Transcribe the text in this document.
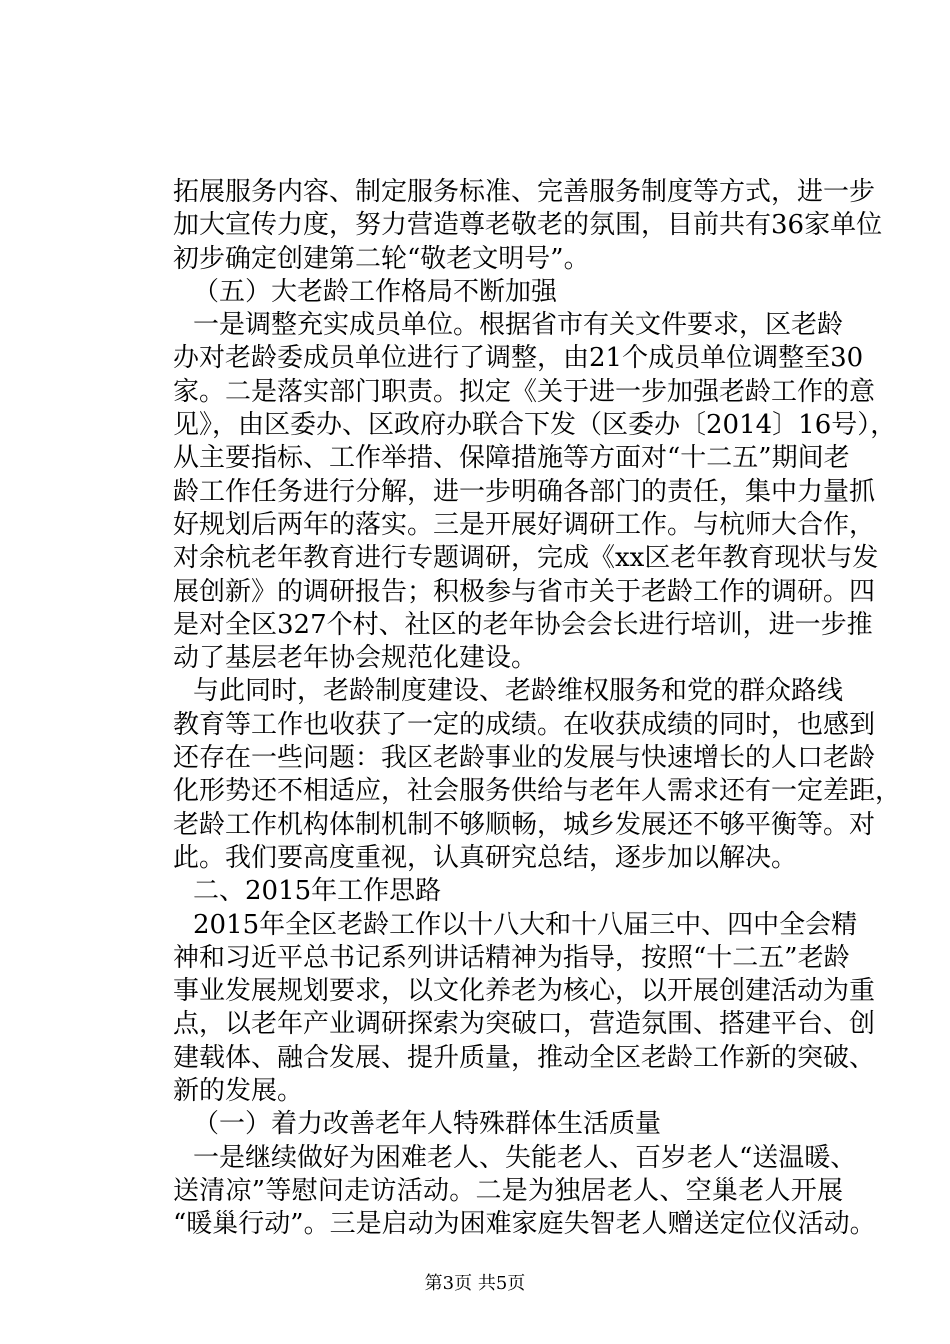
拓展服务内容、制定服务标准、完善服务制度等方式，进一步
加大宣传力度，努力营造尊老敬老的氛围，目前共有36家单位
初步确定创建第二轮“敬老文明号”。
（五）大老龄工作格局不断加强
一是调整充实成员单位。根据省市有关文件要求，区老龄
办对老龄委成员单位进行了调整，由21个成员单位调整至30
家。二是落实部门职责。拟定《关于进一步加强老龄工作的意
见》，由区委办、区政府办联合下发（区委办〔2014〕16号），
从主要指标、工作举措、保障措施等方面对“十二五”期间老
龄工作任务进行分解，进一步明确各部门的责任，集中力量抓
好规划后两年的落实。三是开展好调研工作。与杭师大合作，
对余杭老年教育进行专题调研，完成《xx区老年教育现状与发
展创新》的调研报告；积极参与省市关于老龄工作的调研。四
是对全区327个村、社区的老年协会会长进行培训，进一步推
动了基层老年协会规范化建设。
与此同时，老龄制度建设、老龄维权服务和党的群众路线
教育等工作也收获了一定的成绩。在收获成绩的同时，也感到
还存在一些问题：我区老龄事业的发展与快速增长的人口老龄
化形势还不相适应，社会服务供给与老年人需求还有一定差距，
老龄工作机构体制机制不够顺畅，城乡发展还不够平衡等。对
此。我们要高度重视，认真研究总结，逐步加以解决。
二、2015年工作思路
2015年全区老龄工作以十八大和十八届三中、四中全会精
神和习近平总书记系列讲话精神为指导，按照“十二五”老龄
事业发展规划要求，以文化养老为核心，以开展创建活动为重
点，以老年产业调研探索为突破口，营造氛围、搭建平台、创
建载体、融合发展、提升质量，推动全区老龄工作新的突破、
新的发展。
（一）着力改善老年人特殊群体生活质量
一是继续做好为困难老人、失能老人、百岁老人“送温暖、
送清凉”等慰问走访活动。二是为独居老人、空巢老人开展
“暖巢行动”。三是启动为困难家庭失智老人赠送定位仪活动。
第3页 共5页
